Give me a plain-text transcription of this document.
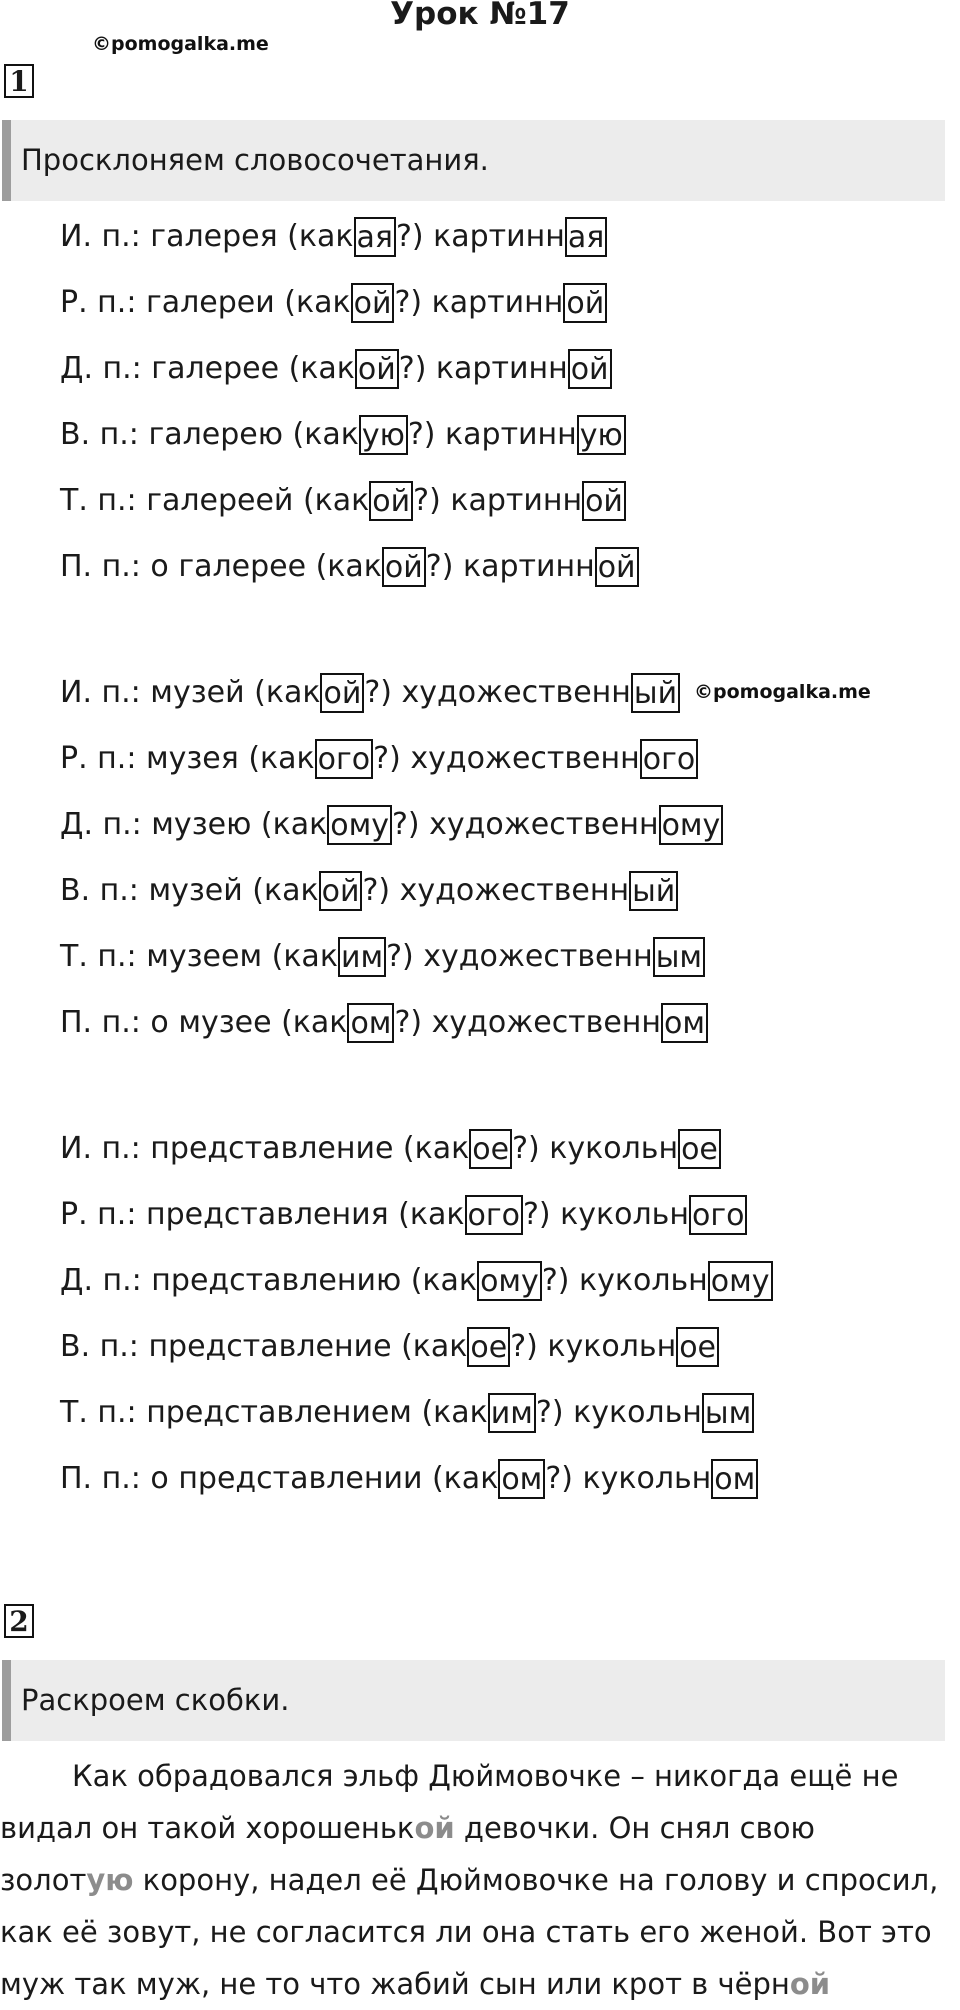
Урок №17
©pomogalka.me
©pomogalka.me
1
Просклоняем словосочетания.
И. п.: галерея (как ая ?) картинн ая
Р. п.: галереи (как ой ?) картинн ой
Д. п.: галерее (как ой ?) картинн ой
В. п.: галерею (как ую ?) картинн ую
Т. п.: галереей (как ой ?) картинн ой
П. п.: о галерее (как ой ?) картинн ой
И. п.: музей (как ой ?) художественн ый
Р. п.: музея (как ого ?) художественн ого
Д. п.: музею (как ому ?) художественн ому
В. п.: музей (как ой ?) художественн ый
Т. п.: музеем (как им ?) художественн ым
П. п.: о музее (как ом ?) художественн ом
И. п.: представление (как ое ?) кукольн ое
Р. п.: представления (как ого ?) кукольн ого
Д. п.: представлению (как ому ?) кукольн ому
В. п.: представление (как ое ?) кукольн ое
Т. п.: представлением (как им ?) кукольн ым
П. п.: о представлении (как ом ?) кукольн ом
2
Раскроем скобки.
Как обрадовался эльф Дюймовочке – никогда ещё не
видал он такой хорошенькой девочки. Он снял свою
золотую корону, надел её Дюймовочке на голову и спросил,
как её зовут, не согласится ли она стать его женой. Вот это
муж так муж, не то что жабий сын или крот в чёрной
